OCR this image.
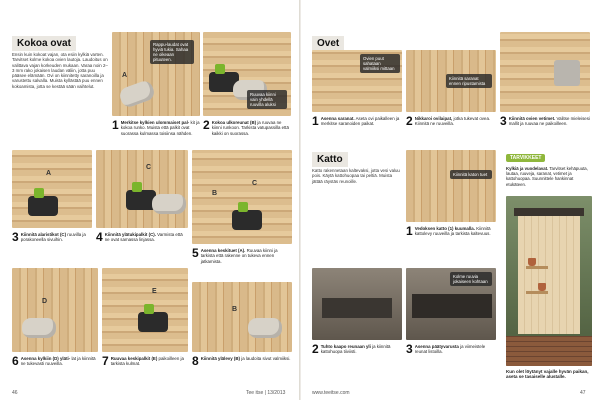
Kokoa ovat
Ensin kuin kokoat vajan, ota esiin kylkiä varten. Tarvitset kolme kokoa ovien lautoja. Laudoitus on valittava vajan korkeuden mukaan. Varaa noin 2–3 mm rako jokaisen laudan väliin, jotta puu pääsee elämään. Ovi on kiinnitetty saranoilla ja varustettu salvalla. Muista kyllästää puu ennen kokoamista, jotta se kestää sään vaihtelut.
A
Rappu-laudat ovat hyviä tukia. Sahaa ne oikeaan pituuteen.
Ruuvaa kiinni vain yhdellä ruuvilla aluksi
1 Merkitse kylkien ulommaiset pal- kit ja kokoa runko. Muista että palkit ovat suorassa kulmassa toisiinsa nähden.
2 Kokoa ulkoreunat (B) ja ruuvaa ne kiinni runkoon. Tarkista vatupassilla että kaikki on suorassa.
A
C
B
C
3 Kiinnitä alaristikot (C) ruuvilla ja porakoneella sivuihin.	4 Kiinnitä ylätukipalkit (C). Varmista että ne ovat samassa linjassa.
5 Asenna keskituet (A). Ruuvaa kiinni ja tarkista että rakenne on tukeva ennen jatkamista.
D
E
B
6 Asenna kylkiin (D) yläti- lat ja kiinnitä ne tukevasti ruuveilla.	7 Ruuvaa keskipalkit (E) paikoilleen ja tarkista kulmat.	8 Kiinnitä ylälevy (B) ja laudoita sivut valmiiksi.
46	Tee itse | 13/2013
Ovet
Ovien puut sahataan valmiiksi mittaan
Kiinnitä saranat ennen ripustamista
1 Asenna saranat. Aseta ovi paikalleen ja merkitse saranoiden paikat.	2 Nikkaroi ovilaipat, jotka tukevat ovea. Kiinnitä ne ruuveilla.	3 Kiinnitä ovien vetimet. Valitse mieleisesi mallit ja ruuvaa ne paikoilleen.
Katto
Katto rakennetaan kaltevaksi, jotta vesi valuu pois. Käytä kattohuopaa tai peltiä. Muista jättää räystäs reunoille.
Kiinnitä katon tuet
1 Vedoksen katto (1) kuumalla. Kiinnitä kattolevy ruuveilla ja tarkista kaltevuus.
TARVIKKEET
Kylkiä ja vuodelavat. Tarvitset kehäpuuta, lautaa, ruuveja, saranat, vetimet ja kattohuopaa. Suunnittele hankinnat etukäteen.
Kolme ruuvia jokaiseen kohtaan
2 Tuhto kaapo reunaan yli ja kiinnitä kattohuopa tiiviisti.	3 Asenna päätyvarusta ja viimeistele reunat listoilla.
Kun olet löytänyt vajalle hyvän paikan, aseta se tasaiselle alustalle.
www.teeitse.com	47
